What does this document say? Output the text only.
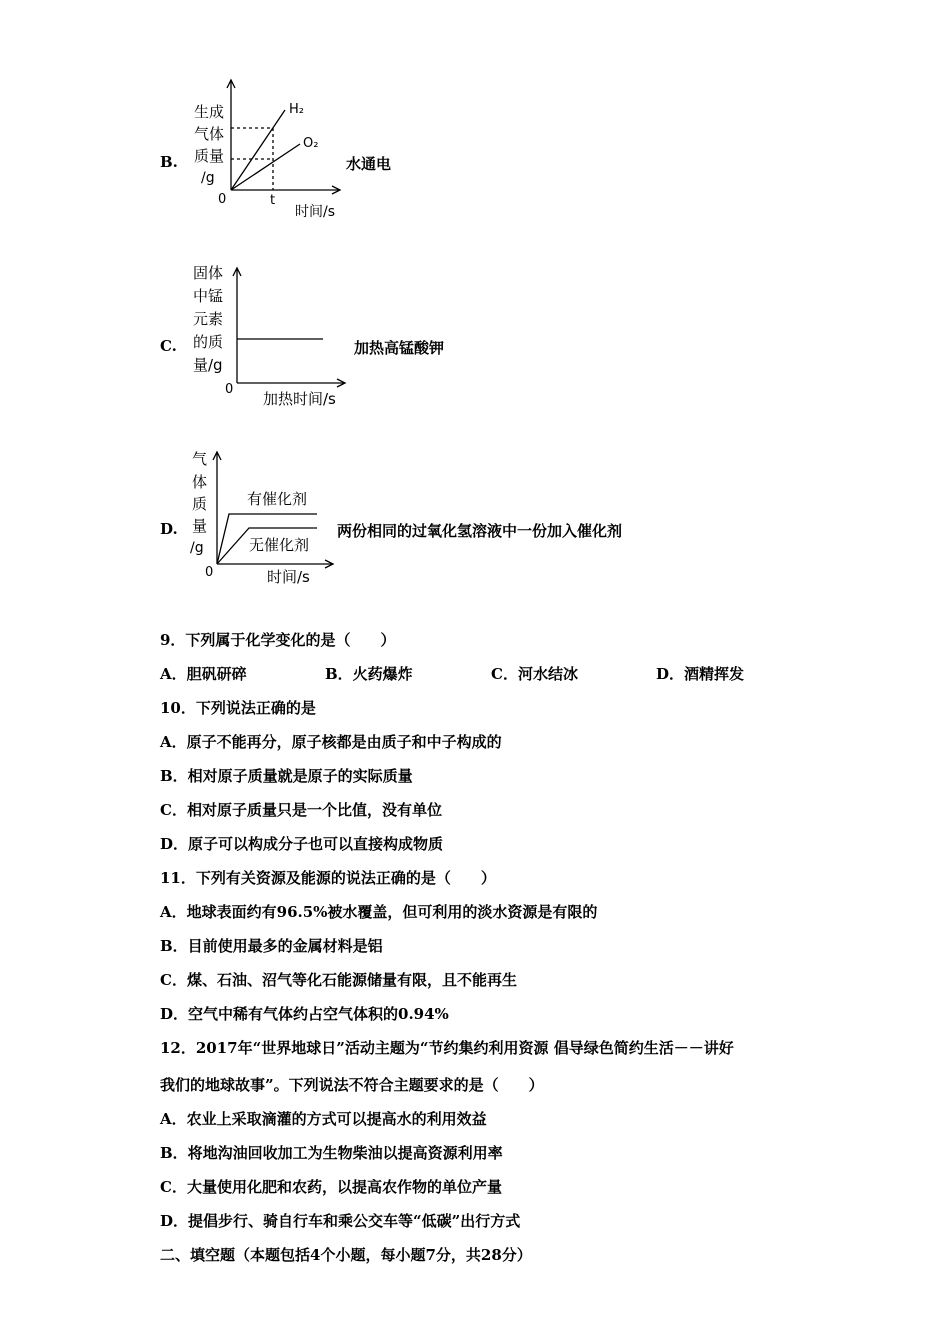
B.
生成
气体
质量
/g
0	t
时间/s
H₂
O₂
水通电
C.
固体
中锰
元素
的质
量/g
0
加热时间/s
加热高锰酸钾
D.
气
体
质
量
/g
0	时间/s
有催化剂
无催化剂
两份相同的过氧化氢溶液中一份加入催化剂
9．下列属于化学变化的是（　　）
A．胆矾研碎	B．火药爆炸	C．河水结冰	D．酒精挥发
10．下列说法正确的是
A．原子不能再分，原子核都是由质子和中子构成的
B．相对原子质量就是原子的实际质量
C．相对原子质量只是一个比值，没有单位
D．原子可以构成分子也可以直接构成物质
11．下列有关资源及能源的说法正确的是（　　）
A．地球表面约有96.5%被水覆盖，但可利用的淡水资源是有限的
B．目前使用最多的金属材料是铝
C．煤、石油、沼气等化石能源储量有限，且不能再生
D．空气中稀有气体约占空气体积的0.94%
12．2017年“世界地球日”活动主题为“节约集约利用资源 倡导绿色简约生活－－讲好
我们的地球故事”。下列说法不符合主题要求的是（　　）
A．农业上采取滴灌的方式可以提高水的利用效益
B．将地沟油回收加工为生物柴油以提高资源利用率
C．大量使用化肥和农药，以提高农作物的单位产量
D．提倡步行、骑自行车和乘公交车等“低碳”出行方式
二、填空题（本题包括4个小题，每小题7分，共28分）
